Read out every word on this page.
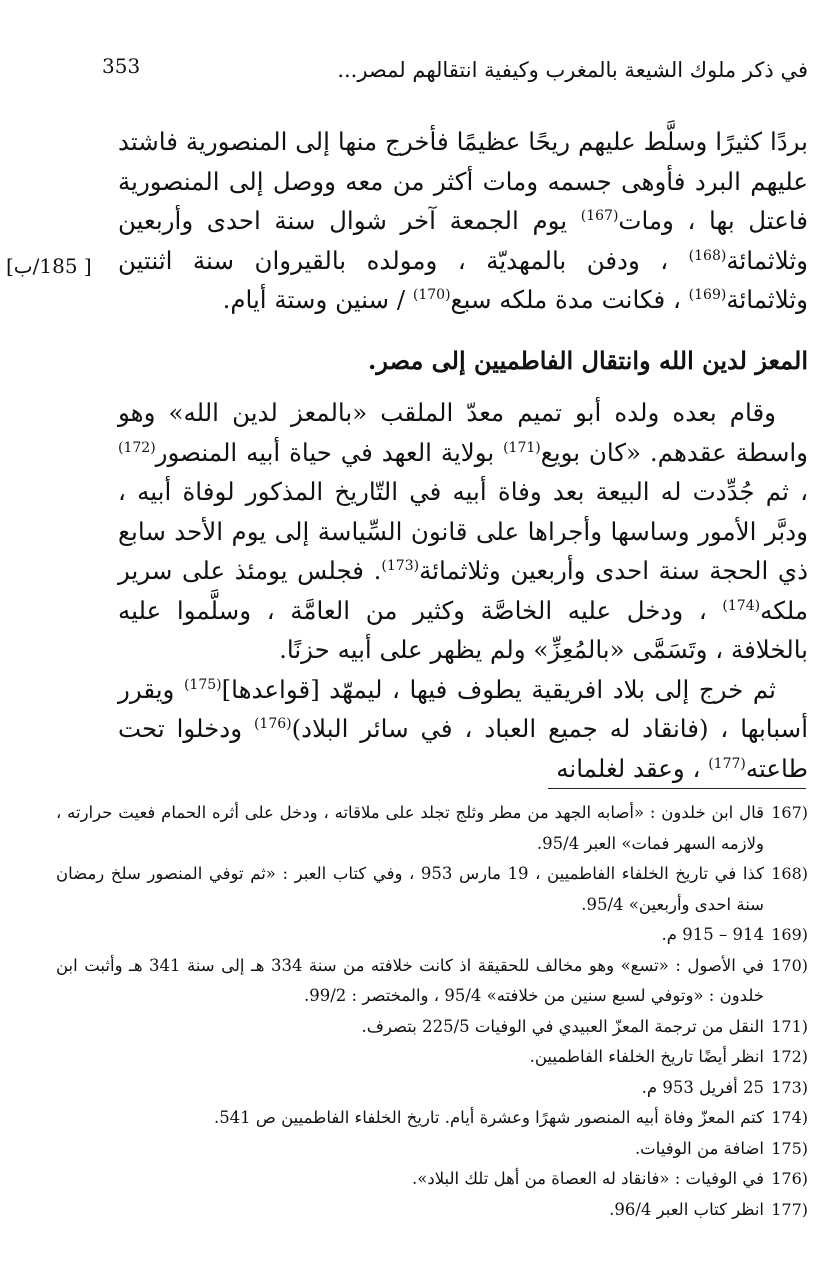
353	في ذكر ملوك الشيعة بالمغرب وكيفية انتقالهم لمصر...
[ 185/ب]

بردًا كثيرًا وسلَّط عليهم ريحًا عظيمًا فأخرج منها إلى المنصورية فاشتد عليهم البرد فأوهى جسمه ومات أكثر من معه ووصل إلى المنصورية فاعتل بها ، ومات$^{(167)}$ يوم الجمعة آخر شوال سنة احدى وأربعين وثلاثمائة$^{(168)}$ ، ودفن بالمهديّة ، ومولده بالقيروان سنة اثنتين وثلاثمائة$^{(169)}$ ، فكانت مدة ملكه سبع$^{(170)}$ / سنين وستة أيام.

المعز لدين الله وانتقال الفاطميين إلى مصر.

وقام بعده ولده أبو تميم معدّ الملقب «بالمعز لدين الله» وهو واسطة عقدهم. «كان بويع$^{(171)}$ بولاية العهد في حياة أبيه المنصور$^{(172)}$ ، ثم جُدِّدت له البيعة بعد وفاة أبيه في التّاريخ المذكور لوفاة أبيه ، ودبَّر الأمور وساسها وأجراها على قانون السِّياسة إلى يوم الأحد سابع ذي الحجة سنة احدى وأربعين وثلاثمائة$^{(173)}$. فجلس يومئذ على سرير ملكه$^{(174)}$ ، ودخل عليه الخاصَّة وكثير من العامَّة ، وسلَّموا عليه بالخلافة ، وتَسَمَّى «بالمُعِزِّ» ولم يظهر على أبيه حزنًا.

ثم خرج إلى بلاد افريقية يطوف فيها ، ليمهّد [قواعدها]$^{(175)}$ ويقرر أسبابها ، (فانقاد له جميع العباد ، في سائر البلاد)$^{(176)}$ ودخلوا تحت طاعته$^{(177)}$ ، وعقد لغلمانه

167)
قال ابن خلدون : «أصابه الجهد من مطر وثلج تجلد على ملاقاته ، ودخل على أثره الحمام فعيت حرارته ، ولازمه السهر فمات» العبر 95/4.
168)
كذا في تاريخ الخلفاء الفاطميين ، 19 مارس 953 ، وفي كتاب العبر : «ثم توفي المنصور سلخ رمضان سنة احدى وأربعين» 95/4.
169)
914 – 915 م.
170)
في الأصول : «تسع» وهو مخالف للحقيقة اذ كانت خلافته من سنة 334 هـ إلى سنة 341 هـ وأثبت ابن خلدون : «وتوفي لسبع سنين من خلافته» 95/4 ، والمختصر : 99/2.
171)
النقل من ترجمة المعزّ العبيدي في الوفيات 225/5 بتصرف.
172)
انظر أيضًا تاريخ الخلفاء الفاطميين.
173)
25 أفريل 953 م.
174)
كتم المعزّ وفاة أبيه المنصور شهرًا وعشرة أيام. تاريخ الخلفاء الفاطميين ص 541.
175)
اضافة من الوفيات.
176)
في الوفيات : «فانقاد له العصاة من أهل تلك البلاد».
177)
انظر كتاب العبر 96/4.
